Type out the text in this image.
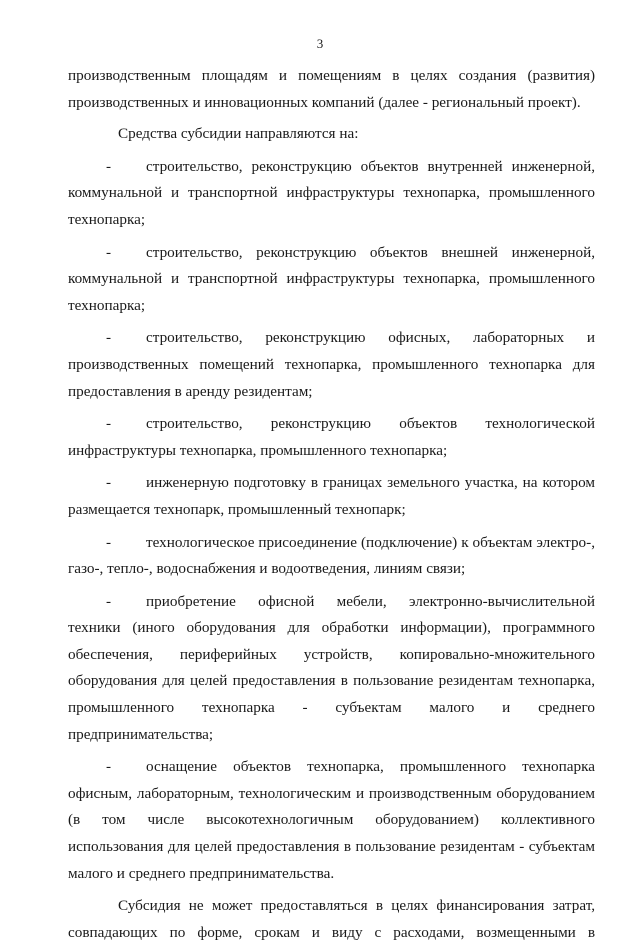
3

производственным площадям и помещениям в целях создания (развития) производственных и инновационных компаний (далее - региональный проект).

Средства субсидии направляются на:

-	строительство, реконструкцию объектов внутренней инженерной, коммунальной и транспортной инфраструктуры технопарка, промышленного технопарка;
-	строительство, реконструкцию объектов внешней инженерной, коммунальной и транспортной инфраструктуры технопарка, промышленного технопарка;
-	строительство, реконструкцию офисных, лабораторных и производственных помещений технопарка, промышленного технопарка для предоставления в аренду резидентам;
-	строительство, реконструкцию объектов технологической инфраструктуры технопарка, промышленного технопарка;
-	инженерную подготовку в границах земельного участка, на котором размещается технопарк, промышленный технопарк;
-	технологическое присоединение (подключение) к объектам электро-, газо-, тепло-, водоснабжения и водоотведения, линиям связи;
-	приобретение офисной мебели, электронно-вычислительной техники (иного оборудования для обработки информации), программного обеспечения, периферийных устройств, копировально-множительного оборудования для целей предоставления в пользование резидентам технопарка, промышленного технопарка - субъектам малого и среднего предпринимательства;
-	оснащение объектов технопарка, промышленного технопарка офисным, лабораторным, технологическим и производственным оборудованием (в том числе высокотехнологичным оборудованием) коллективного использования для целей предоставления в пользование резидентам - субъектам малого и среднего предпринимательства.

Субсидия не может предоставляться в целях финансирования затрат, совпадающих по форме, срокам и виду с расходами, возмещенными в
